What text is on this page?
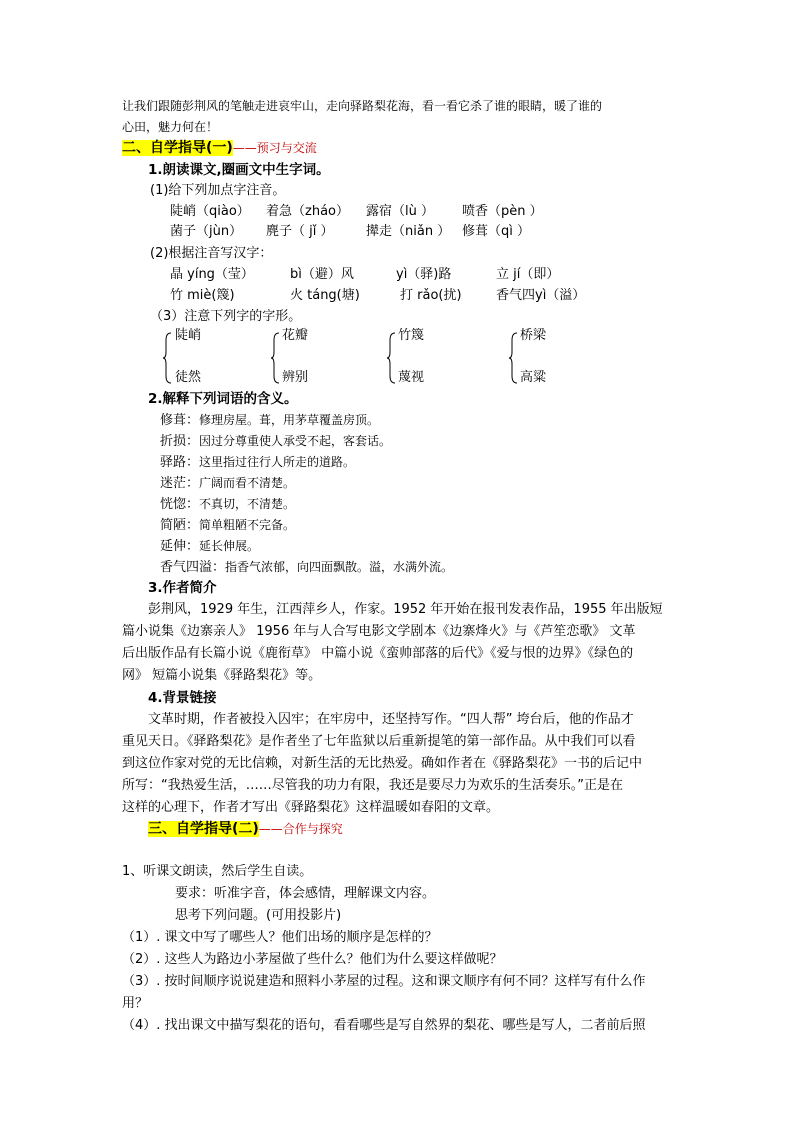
让我们跟随彭荆风的笔触走进哀牢山，走向驿路梨花海，看一看它杀了谁的眼睛，暖了谁的
心田，魅力何在！
二、自学指导(一)——预习与交流
1.朗读课文,圈画文中生字词。
(1)给下列加点字注音。
陡峭（qiào） 着急（zháo） 露宿（lù ） 喷香（pèn ）
菌子（jùn） 麂子（ jǐ ）	撵走（niǎn ） 修葺（qì ）
(2)根据注音写汉字：
晶 yíng（莹）	bì（避）风	yì（驿)路	立 jí（即）
竹 miè(篾)	火 táng(塘)	打 rǎo(扰)	香气四yì（溢）
（3）注意下列字的字形。
陡峭
徒然
花瓣
辨别
竹篾
蔑视
桥梁
高粱
2.解释下列词语的含义。
修葺：修理房屋。葺，用茅草覆盖房顶。
折损：因过分尊重使人承受不起，客套话。
驿路：这里指过往行人所走的道路。
迷茫：广阔而看不清楚。
恍惚：不真切，不清楚。
简陋：简单粗陋不完备。
延伸：延长伸展。
香气四溢：指香气浓郁，向四面飘散。溢，水满外流。
3.作者简介
彭荆风，1929 年生，江西萍乡人，作家。1952 年开始在报刊发表作品，1955 年出版短
篇小说集《边寨亲人》 1956 年与人合写电影文学剧本《边寨烽火》与《芦笙恋歌》 文革
后出版作品有长篇小说《鹿衔草》 中篇小说《蛮帅部落的后代》《爱与恨的边界》《绿色的
网》 短篇小说集《驿路梨花》等。
4.背景链接
文革时期，作者被投入囚牢；在牢房中，还坚持写作。“四人帮” 垮台后，他的作品才
重见天日。《驿路梨花》是作者坐了七年监狱以后重新提笔的第一部作品。从中我们可以看
到这位作家对党的无比信赖，对新生活的无比热爱。确如作者在《驿路梨花》一书的后记中
所写：“我热爱生活，……尽管我的功力有限，我还是要尽力为欢乐的生活奏乐。”正是在
这样的心理下，作者才写出《驿路梨花》这样温暖如春阳的文章。
三、自学指导(二)——合作与探究
1、听课文朗读，然后学生自读。
要求：听准字音，体会感情，理解课文内容。
思考下列问题。(可用投影片)
（1）. 课文中写了哪些人？他们出场的顺序是怎样的？
（2）. 这些人为路边小茅屋做了些什么？他们为什么要这样做呢？
（3）. 按时间顺序说说建造和照料小茅屋的过程。这和课文顺序有何不同？这样写有什么作
用？
（4）. 找出课文中描写梨花的语句，看看哪些是写自然界的梨花、哪些是写人，二者前后照
